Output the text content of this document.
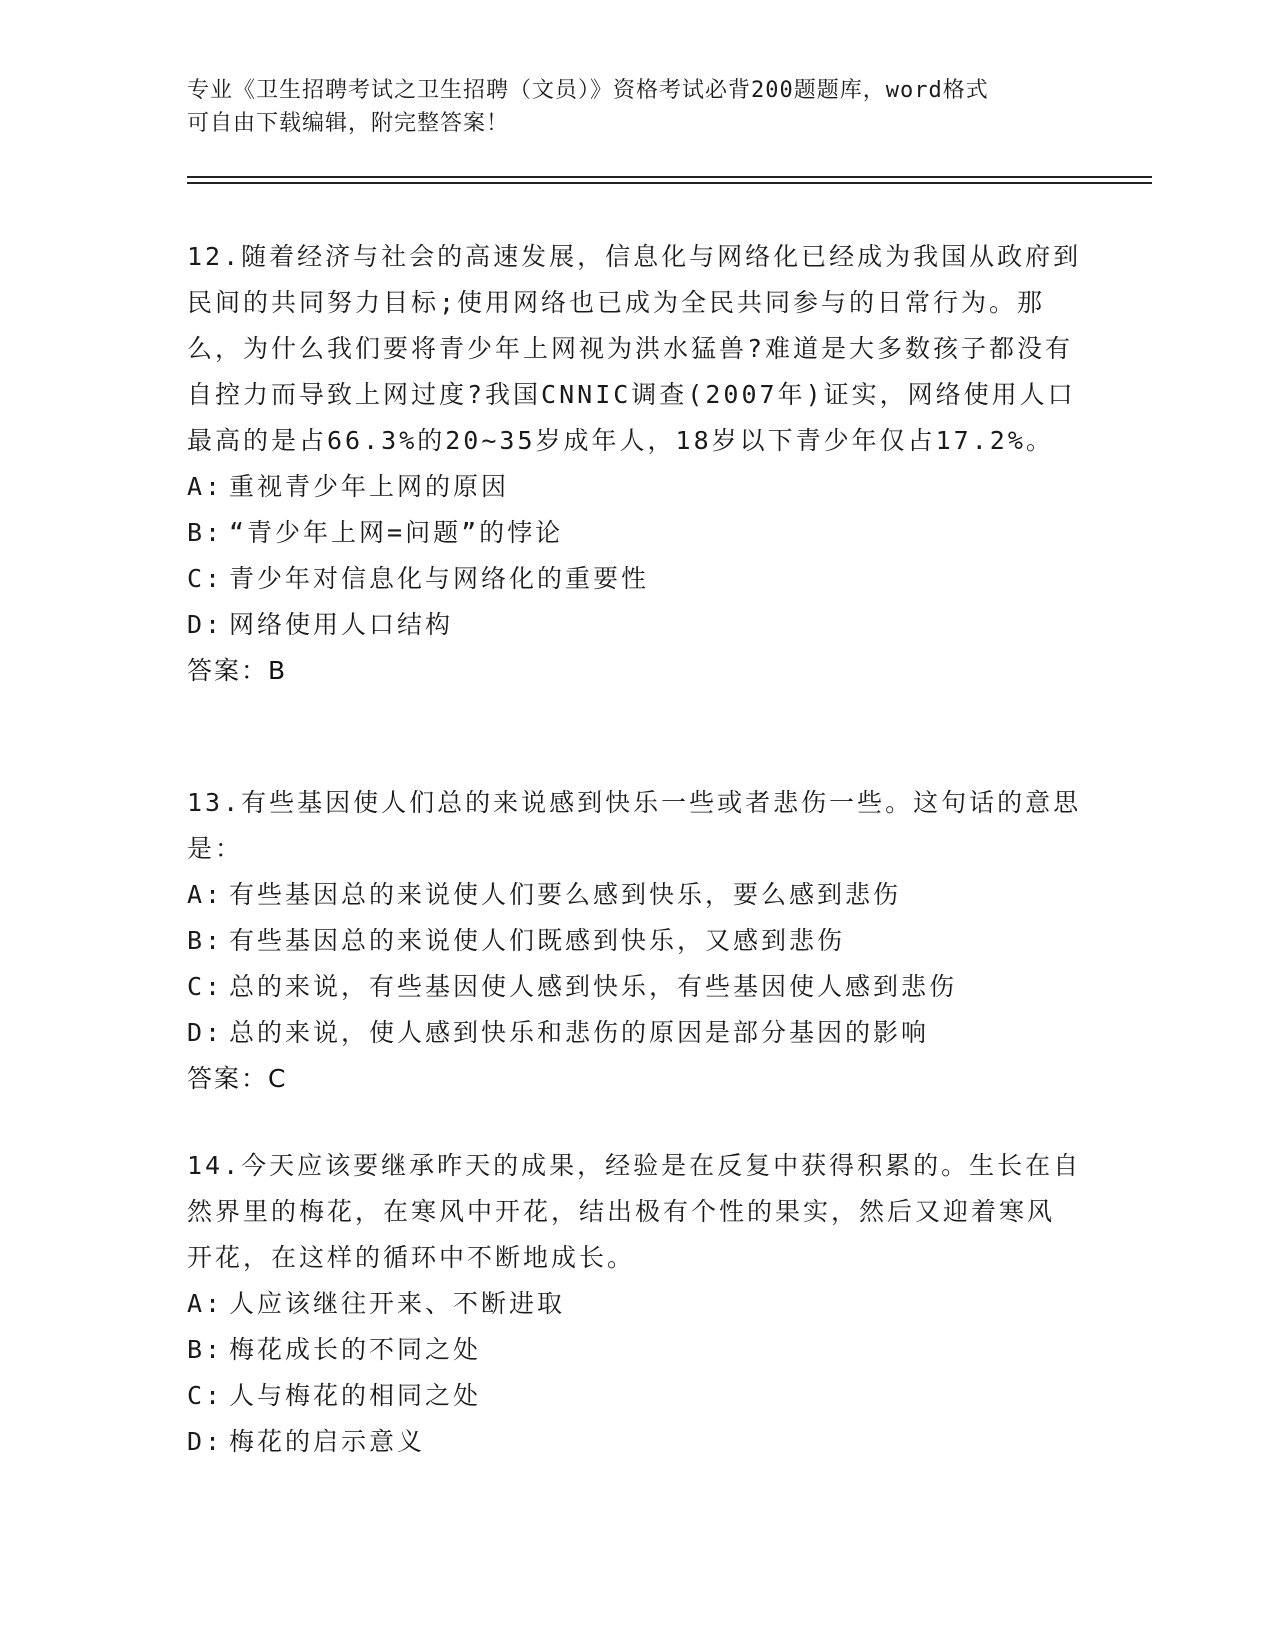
专业《卫生招聘考试之卫生招聘（文员）》资格考试必背200题题库，word格式
可自由下载编辑，附完整答案！

12.随着经济与社会的高速发展，信息化与网络化已经成为我国从政府到民间的共同努力目标;使用网络也已成为全民共同参与的日常行为。那么，为什么我们要将青少年上网视为洪水猛兽?难道是大多数孩子都没有自控力而导致上网过度?我国CNNIC调查(2007年)证实，网络使用人口最高的是占66.3%的20~35岁成年人，18岁以下青少年仅占17.2%。

A: 重视青少年上网的原因

B: “青少年上网=问题”的悖论

C: 青少年对信息化与网络化的重要性

D: 网络使用人口结构

答案：B

13.有些基因使人们总的来说感到快乐一些或者悲伤一些。这句话的意思是：

A: 有些基因总的来说使人们要么感到快乐，要么感到悲伤

B: 有些基因总的来说使人们既感到快乐，又感到悲伤

C: 总的来说，有些基因使人感到快乐，有些基因使人感到悲伤

D: 总的来说，使人感到快乐和悲伤的原因是部分基因的影响

答案：C

14.今天应该要继承昨天的成果，经验是在反复中获得积累的。生长在自然界里的梅花，在寒风中开花，结出极有个性的果实，然后又迎着寒风开花，在这样的循环中不断地成长。

A: 人应该继往开来、不断进取

B: 梅花成长的不同之处

C: 人与梅花的相同之处

D: 梅花的启示意义
